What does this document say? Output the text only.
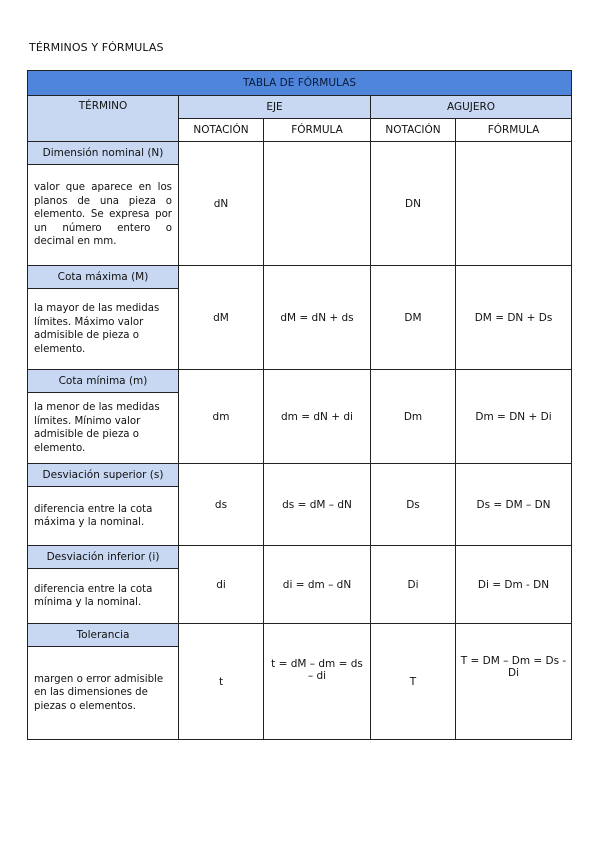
TÉRMINOS Y FÓRMULAS
TABLA DE FÓRMULAS				
TÉRMINO	EJE		AGUJERO	
	NOTACIÓN	FÓRMULA	NOTACIÓN	FÓRMULA
Dimensión nominal (N)	dN		DN	
valor que aparece en los planos de una pieza o elemento. Se expresa por un número entero o decimal en mm.				
Cota máxima (M)	dM	dM = dN + ds	DM	DM = DN + Ds
la mayor de las medidas límites. Máximo valor admisible de pieza o elemento.				
Cota mínima (m)	dm	dm = dN + di	Dm	Dm = DN + Di
la menor de las medidas límites. Mínimo valor admisible de pieza o elemento.				
Desviación superior (s)	ds	ds = dM – dN	Ds	Ds = DM – DN
diferencia entre la cota máxima y la nominal.				
Desviación inferior (i)	di	di = dm – dN	Di	Di = Dm - DN
diferencia entre la cota mínima y la nominal.				
Tolerancia	t	t = dM – dm = ds – di	T	T = DM – Dm = Ds - Di
margen o error admisible en las dimensiones de piezas o elementos.				
